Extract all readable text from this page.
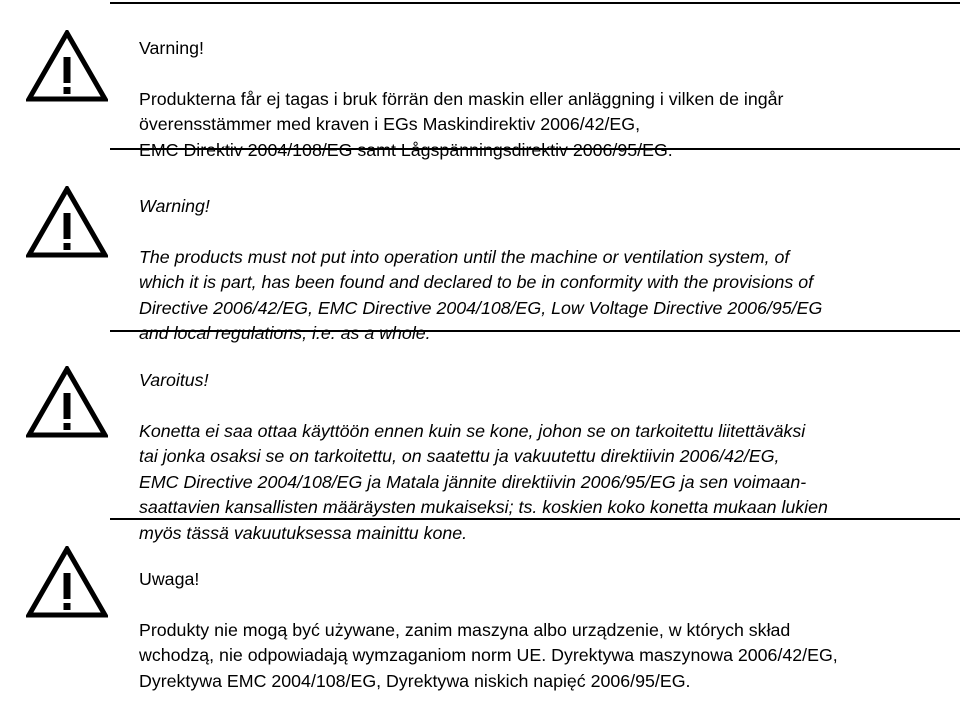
Varning!

Produkterna får ej tagas i bruk förrän den maskin eller anläggning i vilken de ingår
överensstämmer med kraven i EGs Maskindirektiv 2006/42/EG,
EMC Direktiv 2004/108/EG samt Lågspänningsdirektiv 2006/95/EG.

Warning!

The products must not put into operation until the machine or ventilation system, of
which it is part, has been found and declared to be in conformity with the provisions of
Directive 2006/42/EG, EMC Directive 2004/108/EG, Low Voltage Directive 2006/95/EG
and local regulations, i.e. as a whole.

Varoitus!

Konetta ei saa ottaa käyttöön ennen kuin se kone, johon se on tarkoitettu liitettäväksi
tai jonka osaksi se on tarkoitettu, on saatettu ja vakuutettu direktiivin 2006/42/EG,
EMC Directive 2004/108/EG ja Matala jännite direktiivin 2006/95/EG ja sen voimaan-
saattavien kansallisten määräysten mukaiseksi; ts. koskien koko konetta mukaan lukien
myös tässä vakuutuksessa mainittu kone.

Uwaga!

Produkty nie mogą być używane, zanim maszyna albo urządzenie, w których skład
wchodzą, nie odpowiadają wymzaganiom norm UE. Dyrektywa maszynowa 2006/42/EG,
Dyrektywa EMC 2004/108/EG, Dyrektywa niskich napięć 2006/95/EG.
